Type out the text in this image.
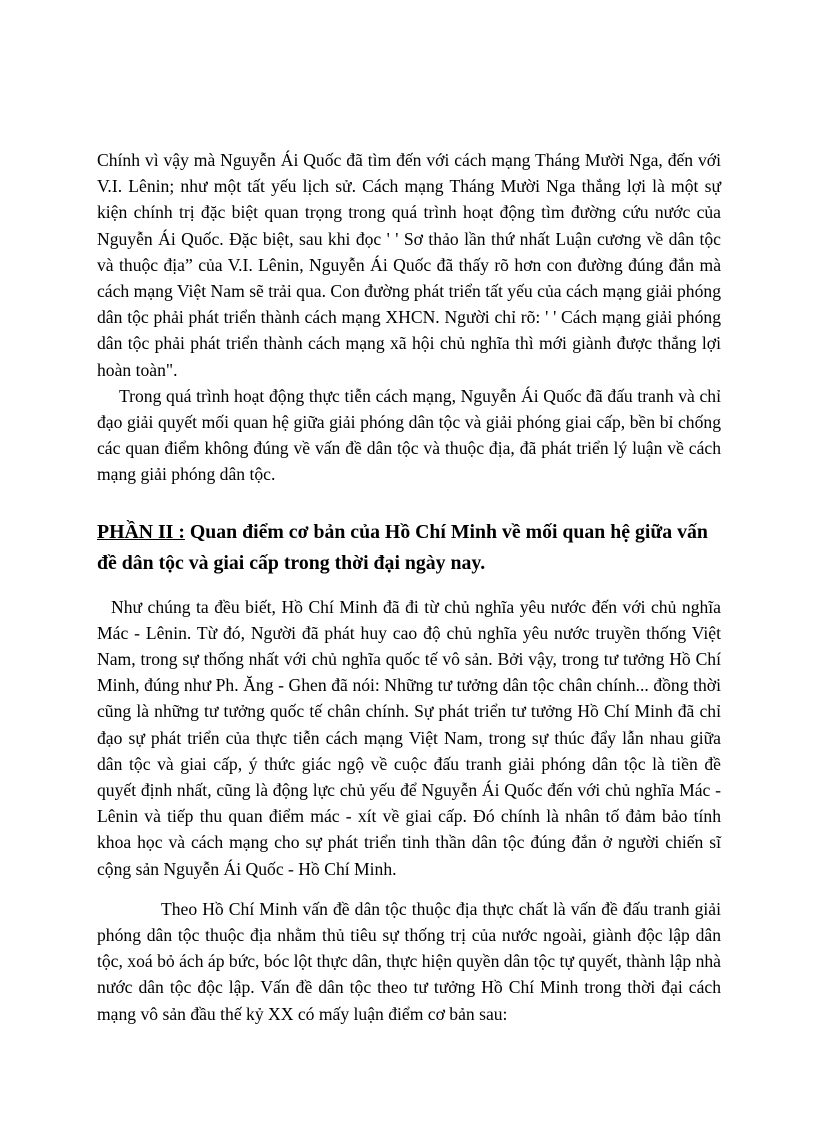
Chính vì vậy mà Nguyễn Ái Quốc đã tìm đến với cách mạng Tháng Mười Nga, đến với V.I. Lênin; như một tất yếu lịch sử. Cách mạng Tháng Mười Nga thắng lợi là một sự kiện chính trị đặc biệt quan trọng trong quá trình hoạt động tìm đường cứu nước của Nguyễn Ái Quốc. Đặc biệt, sau khi đọc ' ' Sơ thảo lần thứ nhất Luận cương về dân tộc và thuộc địa” của V.I. Lênin, Nguyễn Ái Quốc đã thấy rõ hơn con đường đúng đắn mà cách mạng Việt Nam sẽ trải qua. Con đường phát triển tất yếu của cách mạng giải phóng dân tộc phải phát triển thành cách mạng XHCN. Người chỉ rõ: ' ' Cách mạng giải phóng dân tộc phải phát triển thành cách mạng xã hội chủ nghĩa thì mới giành được thắng lợi hoàn toàn".

Trong quá trình hoạt động thực tiễn cách mạng, Nguyễn Ái Quốc đã đấu tranh và chỉ đạo giải quyết mối quan hệ giữa giải phóng dân tộc và giải phóng giai cấp, bền bỉ chống các quan điểm không đúng về vấn đề dân tộc và thuộc địa, đã phát triển lý luận về cách mạng giải phóng dân tộc.

PHẦN II : Quan điểm cơ bản của Hồ Chí Minh về mối quan hệ giữa vấn đề dân tộc và giai cấp trong thời đại ngày nay.

Như chúng ta đều biết, Hồ Chí Minh đã đi từ chủ nghĩa yêu nước đến với chủ nghĩa Mác - Lênin. Từ đó, Người đã phát huy cao độ chủ nghĩa yêu nước truyền thống Việt Nam, trong sự thống nhất với chủ nghĩa quốc tế vô sản. Bởi vậy, trong tư tưởng Hồ Chí Minh, đúng như Ph. Ăng - Ghen đã nói: Những tư tưởng dân tộc chân chính... đồng thời cũng là những tư tưởng quốc tế chân chính. Sự phát triển tư tưởng Hồ Chí Minh đã chỉ đạo sự phát triển của thực tiễn cách mạng Việt Nam, trong sự thúc đẩy lẫn nhau giữa dân tộc và giai cấp, ý thức giác ngộ về cuộc đấu tranh giải phóng dân tộc là tiền đề quyết định nhất, cũng là động lực chủ yếu để Nguyễn Ái Quốc đến với chủ nghĩa Mác - Lênin và tiếp thu quan điểm mác - xít về giai cấp. Đó chính là nhân tố đảm bảo tính khoa học và cách mạng cho sự phát triển tinh thần dân tộc đúng đắn ở người chiến sĩ cộng sản Nguyễn Ái Quốc - Hồ Chí Minh.

Theo Hồ Chí Minh vấn đề dân tộc thuộc địa thực chất là vấn đề đấu tranh giải phóng dân tộc thuộc địa nhằm thủ tiêu sự thống trị của nước ngoài, giành độc lập dân tộc, xoá bỏ ách áp bức, bóc lột thực dân, thực hiện quyền dân tộc tự quyết, thành lập nhà nước dân tộc độc lập. Vấn đề dân tộc theo tư tưởng Hồ Chí Minh trong thời đại cách mạng vô sản đầu thế kỷ XX có mấy luận điểm cơ bản sau:
